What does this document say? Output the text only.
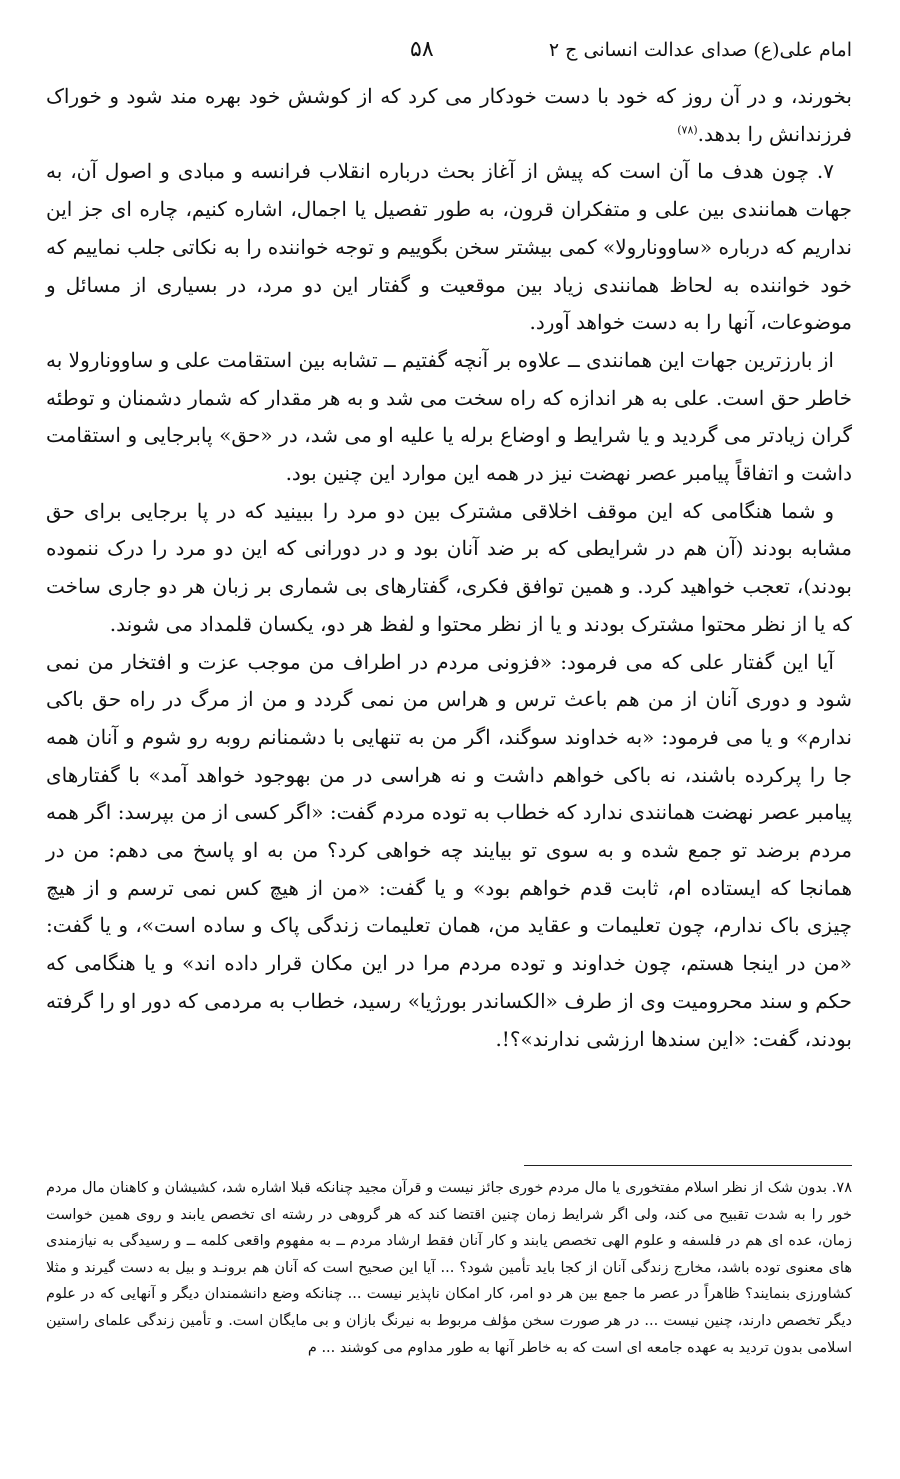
امام علی(ع) صدای عدالت انسانی ج ۲
۵۸

بخورند، و در آن روز که خود با دست خودکار می کرد که از کوشش خود بهره مند شود و خوراک فرزندانش را بدهد.$^{(۷۸)}$

۷. چون هدف ما آن است که پیش از آغاز بحث درباره انقلاب فرانسه و مبادی و اصول آن، به جهات همانندی بین علی و متفکران قرون، به طور تفصیل یا اجمال، اشاره کنیم، چاره ای جز این نداریم که درباره «ساوونارولا» کمی بیشتر سخن بگوییم و توجه خواننده را به نکاتی جلب نماییم که خود خواننده به لحاظ همانندی زیاد بین موقعیت و گفتار این دو مرد، در بسیاری از مسائل و موضوعات، آنها را به دست خواهد آورد.

از بارزترین جهات این همانندی ــ علاوه بر آنچه گفتیم ــ تشابه بین استقامت علی و ساوونارولا به خاطر حق است. علی به هر اندازه که راه سخت می شد و به هر مقدار که شمار دشمنان و توطئه گران زیادتر می گردید و یا شرایط و اوضاع برله یا علیه او می شد، در «حق» پابرجایی و استقامت داشت و اتفاقاً پیامبر عصر نهضت نیز در همه این موارد این چنین بود.

و شما هنگامی که این موقف اخلاقی مشترک بین دو مرد را ببینید که در پا برجایی برای حق مشابه بودند (آن هم در شرایطی که بر ضد آنان بود و در دورانی که این دو مرد را درک ننموده بودند)، تعجب خواهید کرد. و همین توافق فکری، گفتارهای بی شماری بر زبان هر دو جاری ساخت که یا از نظر محتوا مشترک بودند و یا از نظر محتوا و لفظ هر دو، یکسان قلمداد می شوند.

آیا این گفتار علی که می فرمود: «فزونی مردم در اطراف من موجب عزت و افتخار من نمی شود و دوری آنان از من هم باعث ترس و هراس من نمی گردد و من از مرگ در راه حق باکی ندارم» و یا می فرمود: «به خداوند سوگند، اگر من به تنهایی با دشمنانم روبه رو شوم و آنان همه جا را پرکرده باشند، نه باکی خواهم داشت و نه هراسی در من بهوجود خواهد آمد» با گفتارهای پیامبر عصر نهضت همانندی ندارد که خطاب به توده مردم گفت: «اگر کسی از من بپرسد: اگر همه مردم برضد تو جمع شده و به سوی تو بیایند چه خواهی کرد؟ من به او پاسخ می دهم: من در همانجا که ایستاده ام، ثابت قدم خواهم بود» و یا گفت: «من از هیچ کس نمی ترسم و از هیچ چیزی باک ندارم، چون تعلیمات و عقاید من، همان تعلیمات زندگی پاک و ساده است»، و یا گفت: «من در اینجا هستم، چون خداوند و توده مردم مرا در این مکان قرار داده اند» و یا هنگامی که حکم و سند محرومیت وی از طرف «الکساندر بورژیا» رسید، خطاب به مردمی که دور او را گرفته بودند، گفت: «این سندها ارزشی ندارند»؟!.

۷۸. بدون شک از نظر اسلام مفتخوری یا مال مردم خوری جائز نیست و قرآن مجید چنانکه قبلا اشاره شد، کشیشان و کاهنان مال مردم خور را به شدت تقبیح می کند، ولی اگر شرایط زمان چنین اقتضا کند که هر گروهی در رشته ای تخصص یابند و روی همین خواست زمان، عده ای هم در فلسفه و علوم الهی تخصص یابند و کار آنان فقط ارشاد مردم ــ به مفهوم واقعی کلمه ــ و رسیدگی به نیازمندی های معنوی توده باشد، مخارج زندگی آنان از کجا باید تأمین شود؟ ... آیا این صحیح است که آنان هم برونـد و بیل به دست گیرند و مثلا کشاورزی بنمایند؟ ظاهراً در عصر ما جمع بین هر دو امر، کار امکان ناپذیر نیست ... چنانکه وضع دانشمندان دیگر و آنهایی که در علوم دیگر تخصص دارند، چنین نیست ... در هر صورت سخن مؤلف مربوط به نیرنگ بازان و بی مایگان است. و تأمین زندگی علمای راستین اسلامی بدون تردید به عهده جامعه ای است که به خاطر آنها به طور مداوم می کوشند ... م
